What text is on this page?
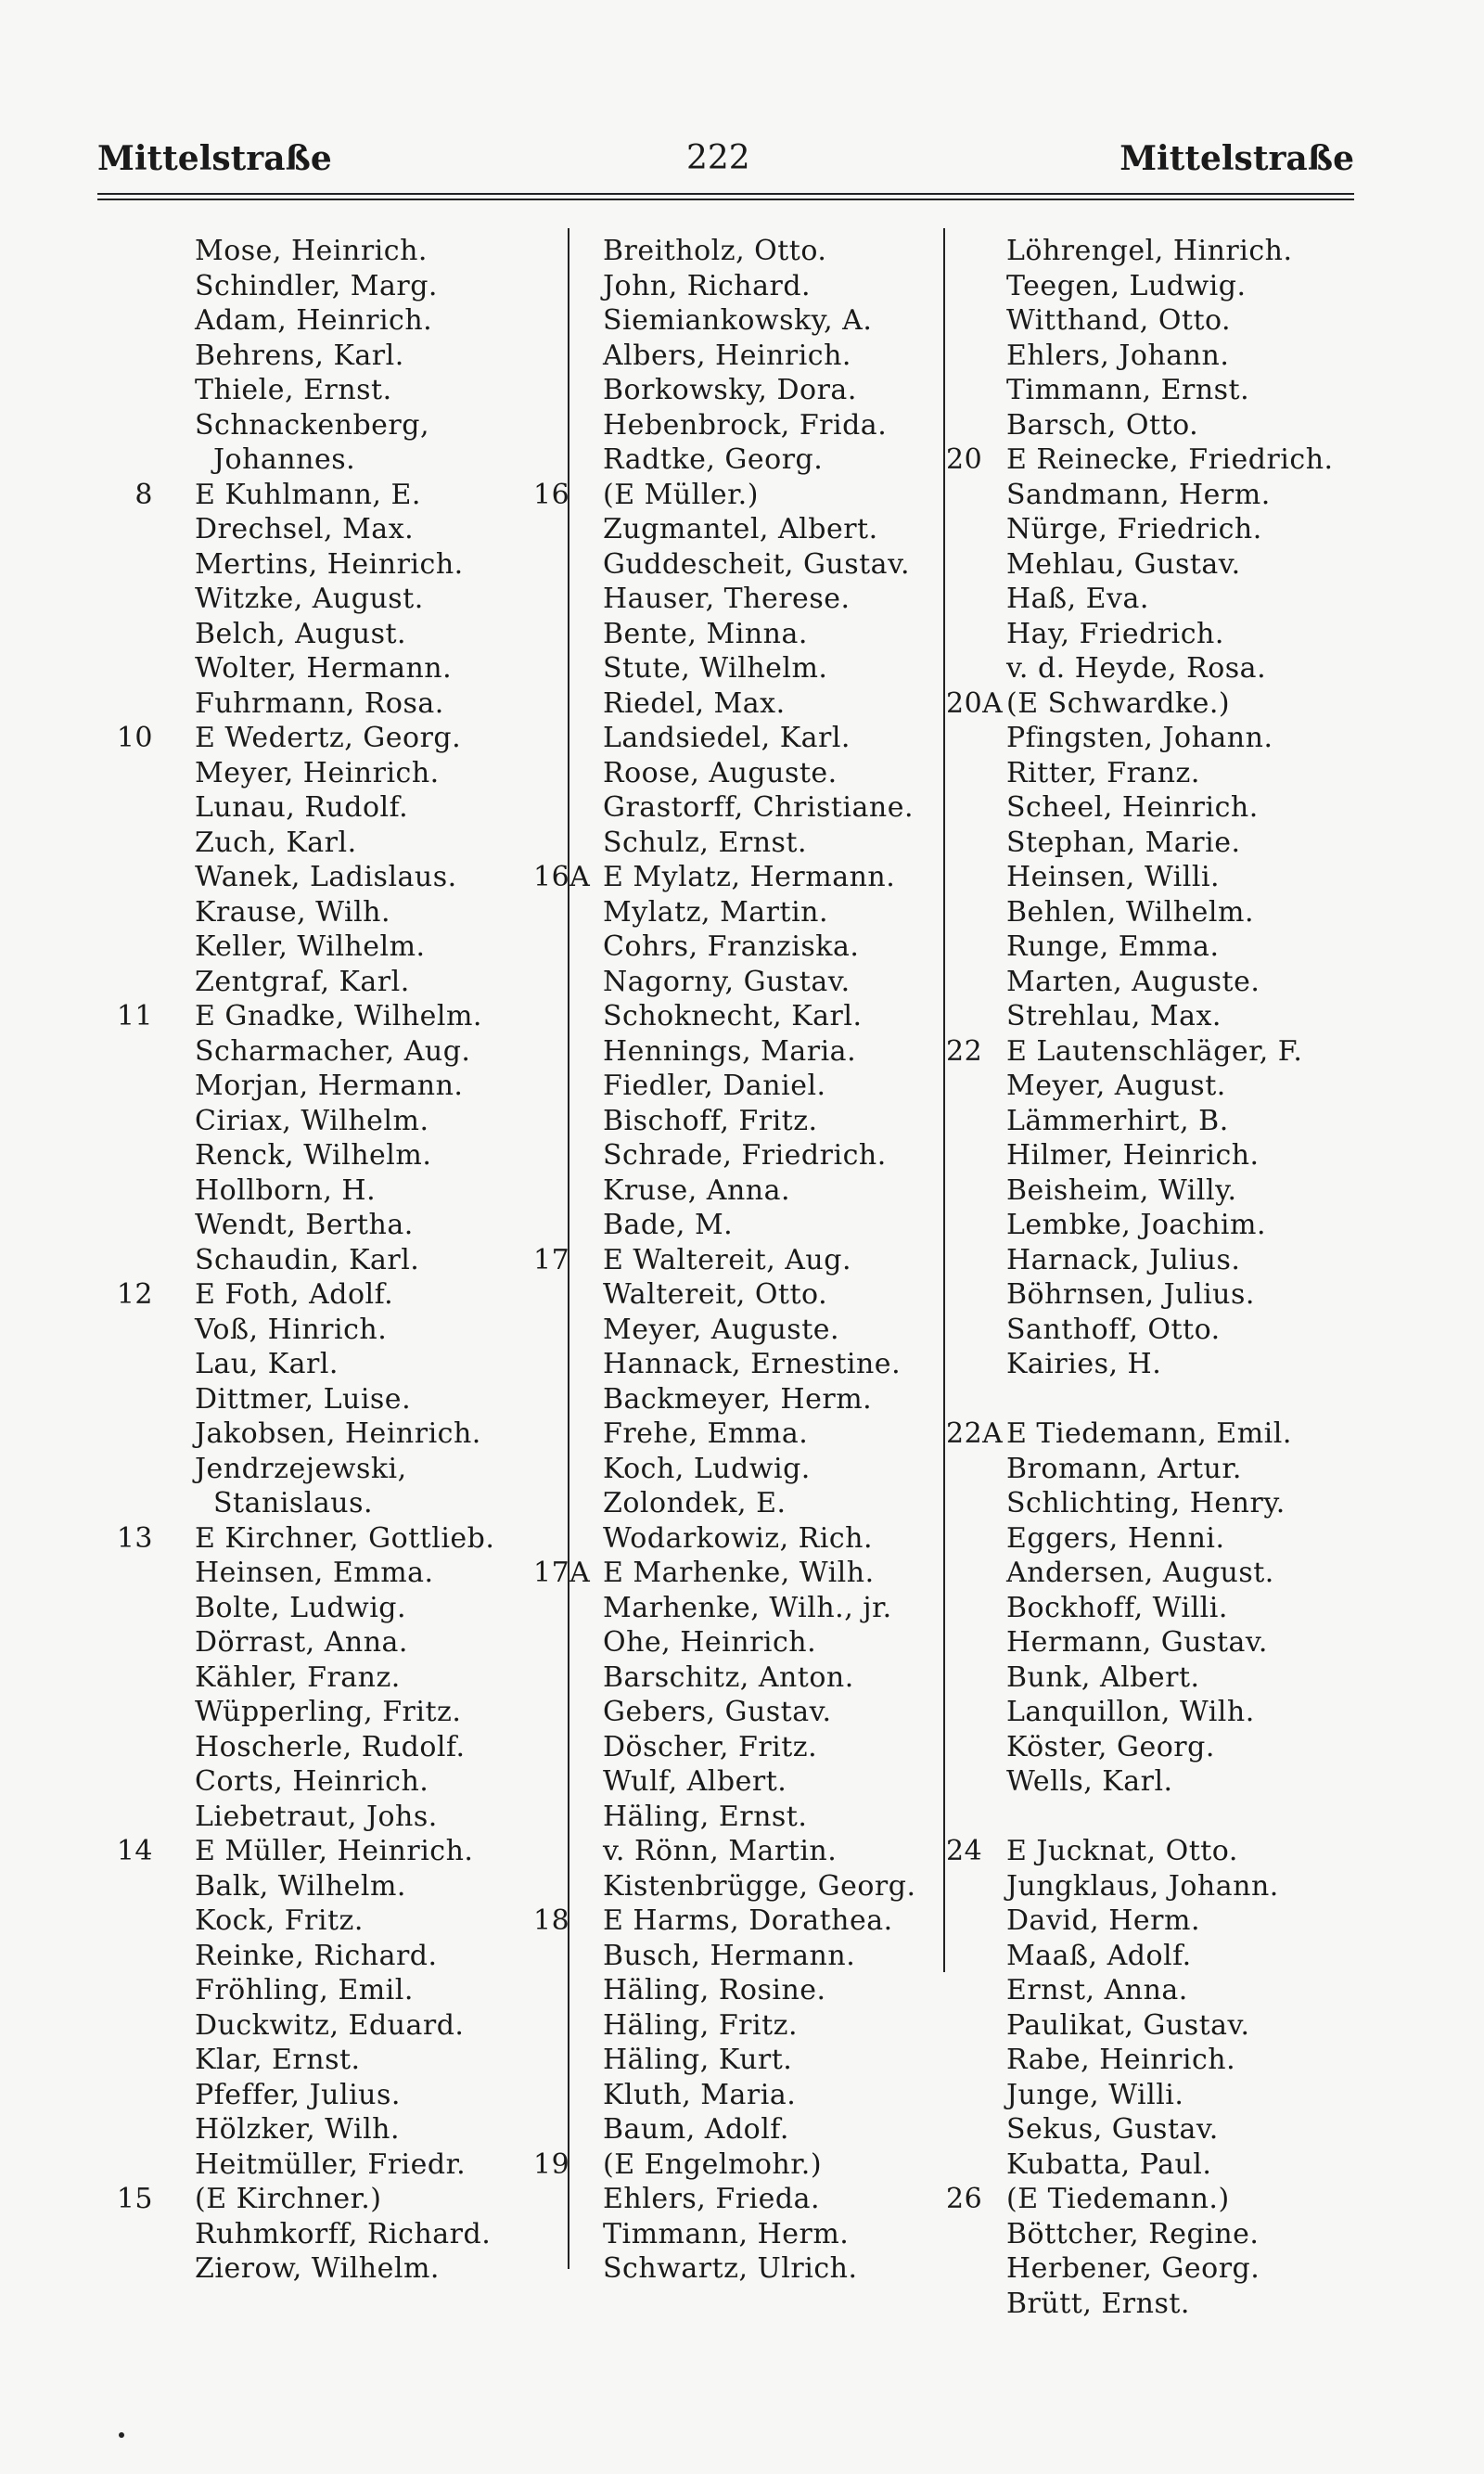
Mittelstraße	222	Mittelstraße
Mose, Heinrich.
Schindler, Marg.
Adam, Heinrich.
Behrens, Karl.
Thiele, Ernst.
Schnackenberg,
Johannes.
8 E Kuhlmann, E.
Drechsel, Max.
Mertins, Heinrich.
Witzke, August.
Belch, August.
Wolter, Hermann.
Fuhrmann, Rosa.
10 E Wedertz, Georg.
Meyer, Heinrich.
Lunau, Rudolf.
Zuch, Karl.
Wanek, Ladislaus.
Krause, Wilh.
Keller, Wilhelm.
Zentgraf, Karl.
11 E Gnadke, Wilhelm.
Scharmacher, Aug.
Morjan, Hermann.
Ciriax, Wilhelm.
Renck, Wilhelm.
Hollborn, H.
Wendt, Bertha.
Schaudin, Karl.
12 E Foth, Adolf.
Voß, Hinrich.
Lau, Karl.
Dittmer, Luise.
Jakobsen, Heinrich.
Jendrzejewski,
Stanislaus.
13 E Kirchner, Gottlieb.
Heinsen, Emma.
Bolte, Ludwig.
Dörrast, Anna.
Kähler, Franz.
Wüpperling, Fritz.
Hoscherle, Rudolf.
Corts, Heinrich.
Liebetraut, Johs.
14 E Müller, Heinrich.
Balk, Wilhelm.
Kock, Fritz.
Reinke, Richard.
Fröhling, Emil.
Duckwitz, Eduard.
Klar, Ernst.
Pfeffer, Julius.
Hölzker, Wilh.
Heitmüller, Friedr.
15 (E Kirchner.)
Ruhmkorff, Richard.
Zierow, Wilhelm.
Breitholz, Otto.
John, Richard.
Siemiankowsky, A.
Albers, Heinrich.
Borkowsky, Dora.
Hebenbrock, Frida.
Radtke, Georg.
16	(E Müller.)
Zugmantel, Albert.
Guddescheit, Gustav.
Hauser, Therese.
Bente, Minna.
Stute, Wilhelm.
Riedel, Max.
Landsiedel, Karl.
Roose, Auguste.
Grastorff, Christiane.
Schulz, Ernst.
16A E Mylatz, Hermann.
Mylatz, Martin.
Cohrs, Franziska.
Nagorny, Gustav.
Schoknecht, Karl.
Hennings, Maria.
Fiedler, Daniel.
Bischoff, Fritz.
Schrade, Friedrich.
Kruse, Anna.
Bade, M.
17	E Waltereit, Aug.
Waltereit, Otto.
Meyer, Auguste.
Hannack, Ernestine.
Backmeyer, Herm.
Frehe, Emma.
Koch, Ludwig.
Zolondek, E.
Wodarkowiz, Rich.
17A E Marhenke, Wilh.
Marhenke, Wilh., jr.
Ohe, Heinrich.
Barschitz, Anton.
Gebers, Gustav.
Döscher, Fritz.
Wulf, Albert.
Häling, Ernst.
v. Rönn, Martin.
Kistenbrügge, Georg.
18	E Harms, Dorathea.
Busch, Hermann.
Häling, Rosine.
Häling, Fritz.
Häling, Kurt.
Kluth, Maria.
Baum, Adolf.
19	(E Engelmohr.)
Ehlers, Frieda.
Timmann, Herm.
Schwartz, Ulrich.
Löhrengel, Hinrich.
Teegen, Ludwig.
Witthand, Otto.
Ehlers, Johann.
Timmann, Ernst.
Barsch, Otto.
20 E Reinecke, Friedrich.
Sandmann, Herm.
Nürge, Friedrich.
Mehlau, Gustav.
Haß, Eva.
Hay, Friedrich.
v. d. Heyde, Rosa.
20A (E Schwardke.)
Pfingsten, Johann.
Ritter, Franz.
Scheel, Heinrich.
Stephan, Marie.
Heinsen, Willi.
Behlen, Wilhelm.
Runge, Emma.
Marten, Auguste.
Strehlau, Max.
22 E Lautenschläger, F.
Meyer, August.
Lämmerhirt, B.
Hilmer, Heinrich.
Beisheim, Willy.
Lembke, Joachim.
Harnack, Julius.
Böhrnsen, Julius.
Santhoff, Otto.
Kairies, H.
22A E Tiedemann, Emil.
Bromann, Artur.
Schlichting, Henry.
Eggers, Henni.
Andersen, August.
Bockhoff, Willi.
Hermann, Gustav.
Bunk, Albert.
Lanquillon, Wilh.
Köster, Georg.
Wells, Karl.
24 E Jucknat, Otto.
Jungklaus, Johann.
David, Herm.
Maaß, Adolf.
Ernst, Anna.
Paulikat, Gustav.
Rabe, Heinrich.
Junge, Willi.
Sekus, Gustav.
Kubatta, Paul.
26 (E Tiedemann.)
Böttcher, Regine.
Herbener, Georg.
Brütt, Ernst.
